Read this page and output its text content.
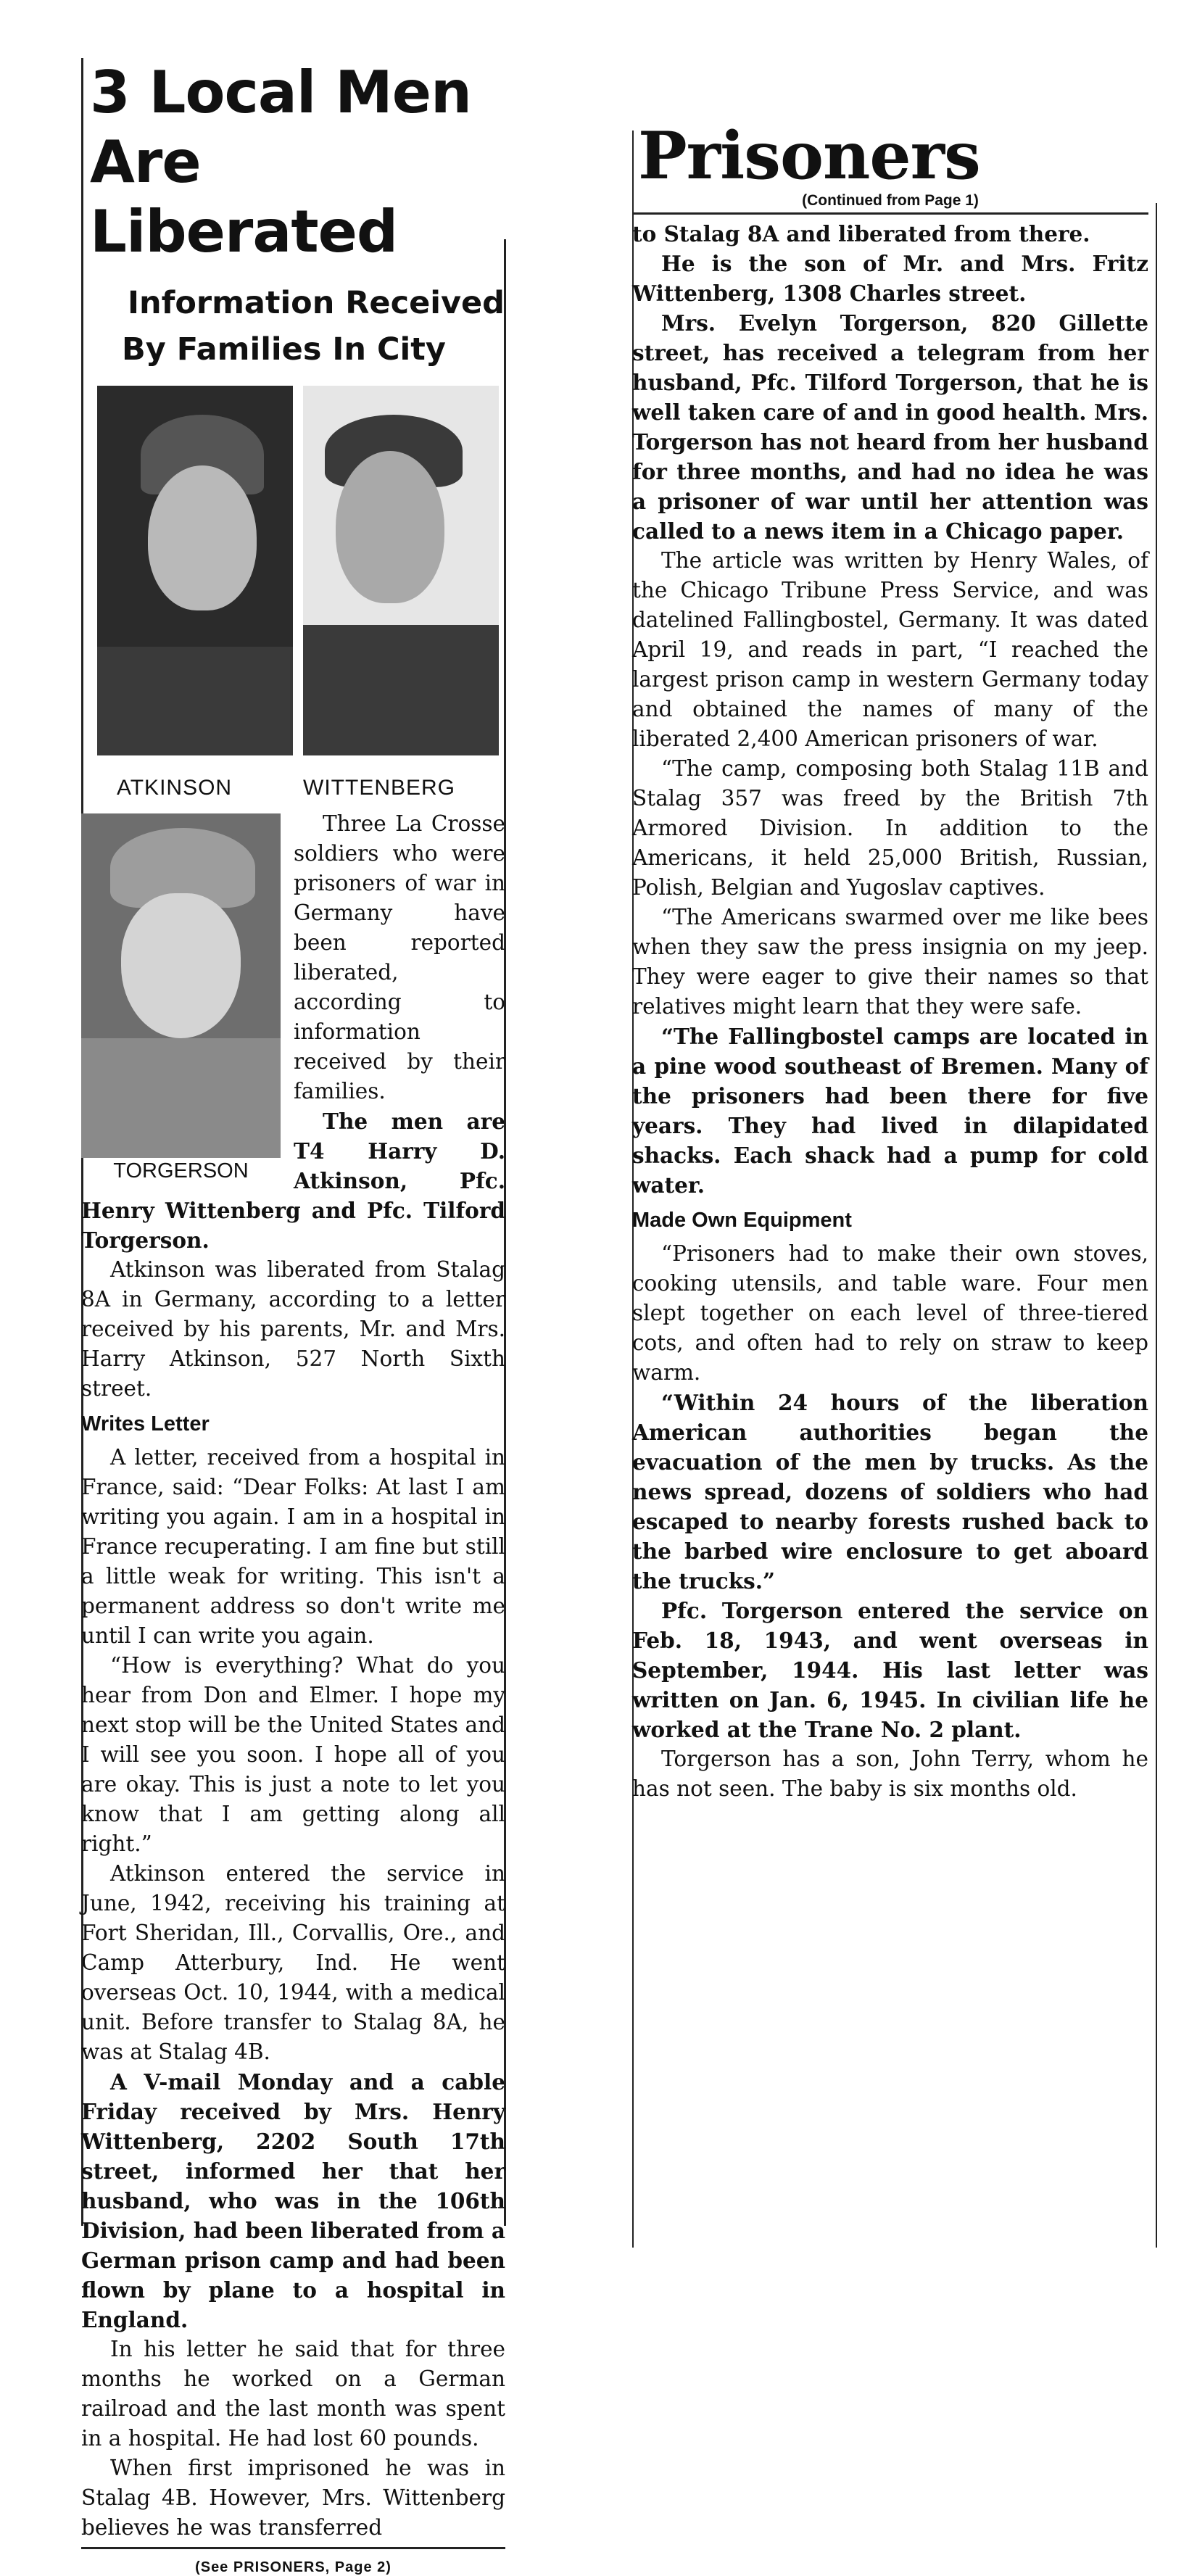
3 Local Men
Are Liberated
Information Received
By Families In City
ATKINSON	WITTENBERG
TORGERSON

Three La Crosse soldiers who were prisoners of war in Germany have been reported liberated, according to information received by their families.

The men are T4 Harry D. Atkinson, Pfc. Henry Wittenberg and Pfc. Tilford Torgerson.

Atkinson was liberated from Stalag 8A in Germany, according to a letter received by his parents, Mr. and Mrs. Harry Atkinson, 527 North Sixth street.

Writes Letter

A letter, received from a hospital in France, said: “Dear Folks: At last I am writing you again. I am in a hospital in France recuperating. I am fine but still a little weak for writing. This isn't a permanent address so don't write me until I can write you again.

“How is everything? What do you hear from Don and Elmer. I hope my next stop will be the United States and I will see you soon. I hope all of you are okay. This is just a note to let you know that I am getting along all right.”

Atkinson entered the service in June, 1942, receiving his training at Fort Sheridan, Ill., Corvallis, Ore., and Camp Atterbury, Ind. He went overseas Oct. 10, 1944, with a medical unit. Before transfer to Stalag 8A, he was at Stalag 4B.

A V-mail Monday and a cable Friday received by Mrs. Henry Wittenberg, 2202 South 17th street, informed her that her husband, who was in the 106th Division, had been liberated from a German prison camp and had been flown by plane to a hospital in England.

In his letter he said that for three months he worked on a German railroad and the last month was spent in a hospital. He had lost 60 pounds.

When first imprisoned he was in Stalag 4B. However, Mrs. Wittenberg believes he was transferred

(See PRISONERS, Page 2)
Prisoners
(Continued from Page 1)

to Stalag 8A and liberated from there.

He is the son of Mr. and Mrs. Fritz Wittenberg, 1308 Charles street.

Mrs. Evelyn Torgerson, 820 Gillette street, has received a telegram from her husband, Pfc. Tilford Torgerson, that he is well taken care of and in good health. Mrs. Torgerson has not heard from her husband for three months, and had no idea he was a prisoner of war until her attention was called to a news item in a Chicago paper.

The article was written by Henry Wales, of the Chicago Tribune Press Service, and was datelined Fallingbostel, Germany. It was dated April 19, and reads in part, “I reached the largest prison camp in western Germany today and obtained the names of many of the liberated 2,400 American prisoners of war.

“The camp, composing both Stalag 11B and Stalag 357 was freed by the British 7th Armored Division. In addition to the Americans, it held 25,000 British, Russian, Polish, Belgian and Yugoslav captives.

“The Americans swarmed over me like bees when they saw the press insignia on my jeep. They were eager to give their names so that relatives might learn that they were safe.

“The Fallingbostel camps are located in a pine wood southeast of Bremen. Many of the prisoners had been there for five years. They had lived in dilapidated shacks. Each shack had a pump for cold water.

Made Own Equipment

“Prisoners had to make their own stoves, cooking utensils, and table ware. Four men slept together on each level of three-tiered cots, and often had to rely on straw to keep warm.

“Within 24 hours of the liberation American authorities began the evacuation of the men by trucks. As the news spread, dozens of soldiers who had escaped to nearby forests rushed back to the barbed wire enclosure to get aboard the trucks.”

Pfc. Torgerson entered the service on Feb. 18, 1943, and went overseas in September, 1944. His last letter was written on Jan. 6, 1945. In civilian life he worked at the Trane No. 2 plant.

Torgerson has a son, John Terry, whom he has not seen. The baby is six months old.
